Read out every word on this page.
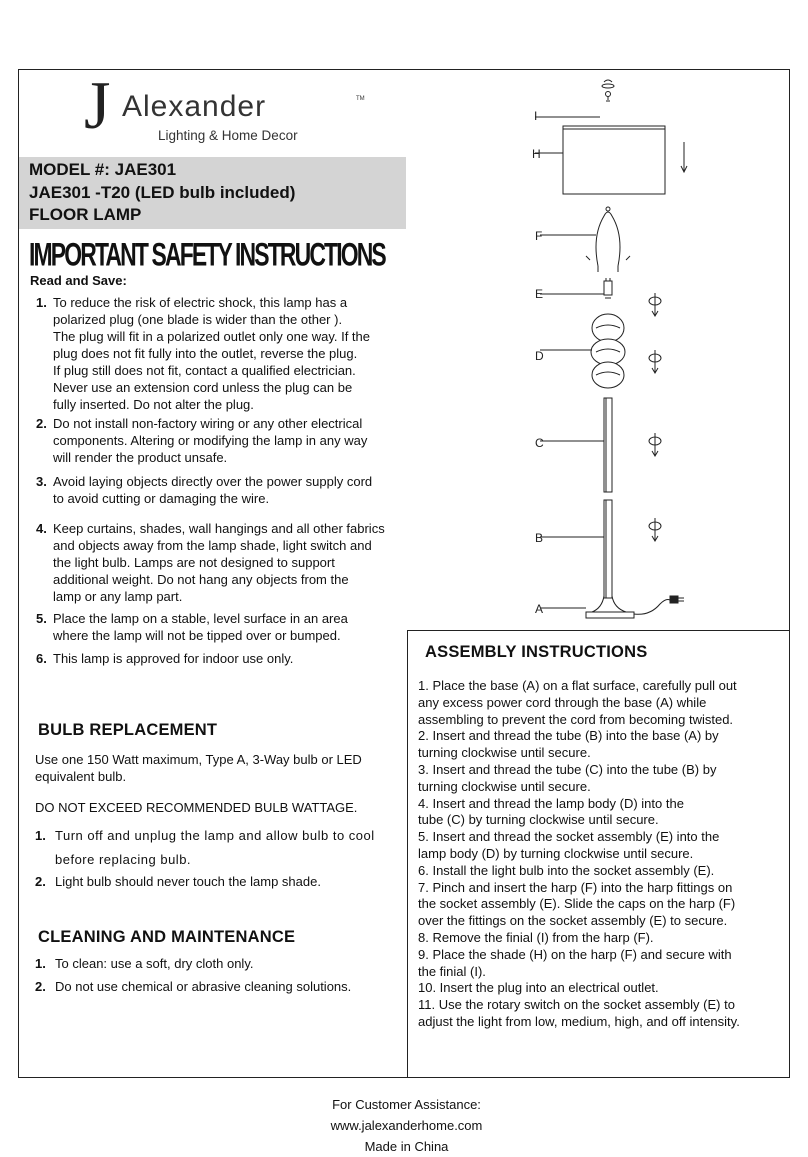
J Alexander	TM
Lighting & Home Decor
MODEL #: JAE301
JAE301 -T20 (LED bulb included)
FLOOR LAMP
IMPORTANT SAFETY INSTRUCTIONS
Read and Save:
1. To reduce the risk of electric shock, this lamp has a
polarized plug (one blade is wider than the other ).
The plug will fit in a polarized outlet only one way. If the
plug does not fit fully into the outlet, reverse the plug.
If plug still does not fit, contact a qualified electrician.
Never use an extension cord unless the plug can be
fully inserted. Do not alter the plug.
2. Do not install non-factory wiring or any other electrical
components. Altering or modifying the lamp in any way
will render the product unsafe.
3. Avoid laying objects directly over the power supply cord
to avoid cutting or damaging the wire.
4. Keep curtains, shades, wall hangings and all other fabrics
and objects away from the lamp shade, light switch and
the light bulb. Lamps are not designed to support
additional weight. Do not hang any objects from the
lamp or any lamp part.
5. Place the lamp on a stable, level surface in an area
where the lamp will not be tipped over or bumped.
6. This lamp is approved for indoor use only.
BULB REPLACEMENT
Use one 150 Watt maximum, Type A, 3-Way bulb or LED equivalent bulb.
DO NOT EXCEED RECOMMENDED BULB WATTAGE.
1. Turn off and unplug the lamp and allow bulb to cool
before replacing bulb.
2. Light bulb should never touch the lamp shade.
CLEANING AND MAINTENANCE
1. To clean: use a soft, dry cloth only.
2. Do not use chemical or abrasive cleaning solutions.
ASSEMBLY INSTRUCTIONS
1. Place the base (A) on a flat surface, carefully pull out
any excess power cord through the base (A) while
assembling to prevent the cord from becoming twisted.
2. Insert and thread the tube (B) into the base (A) by
turning clockwise until secure.
3. Insert and thread the tube (C) into the tube (B) by
turning clockwise until secure.
4. Insert and thread the lamp body (D) into the
tube (C) by turning clockwise until secure.
5. Insert and thread the socket assembly (E) into the
lamp body (D) by turning clockwise until secure.
6. Install the light bulb into the socket assembly (E).
7. Pinch and insert the harp (F) into the harp fittings on
the socket assembly (E). Slide the caps on the harp (F)
over the fittings on the socket assembly (E) to secure.
8. Remove the finial (I) from the harp (F).
9. Place the shade (H) on the harp (F) and secure with
the finial (I).
10. Insert the plug into an electrical outlet.
11. Use the rotary switch on the socket assembly (E) to
adjust the light from low, medium, high, and off intensity.
I
H
F
E
D
C
B
A
For Customer Assistance:
www.jalexanderhome.com
Made in China
